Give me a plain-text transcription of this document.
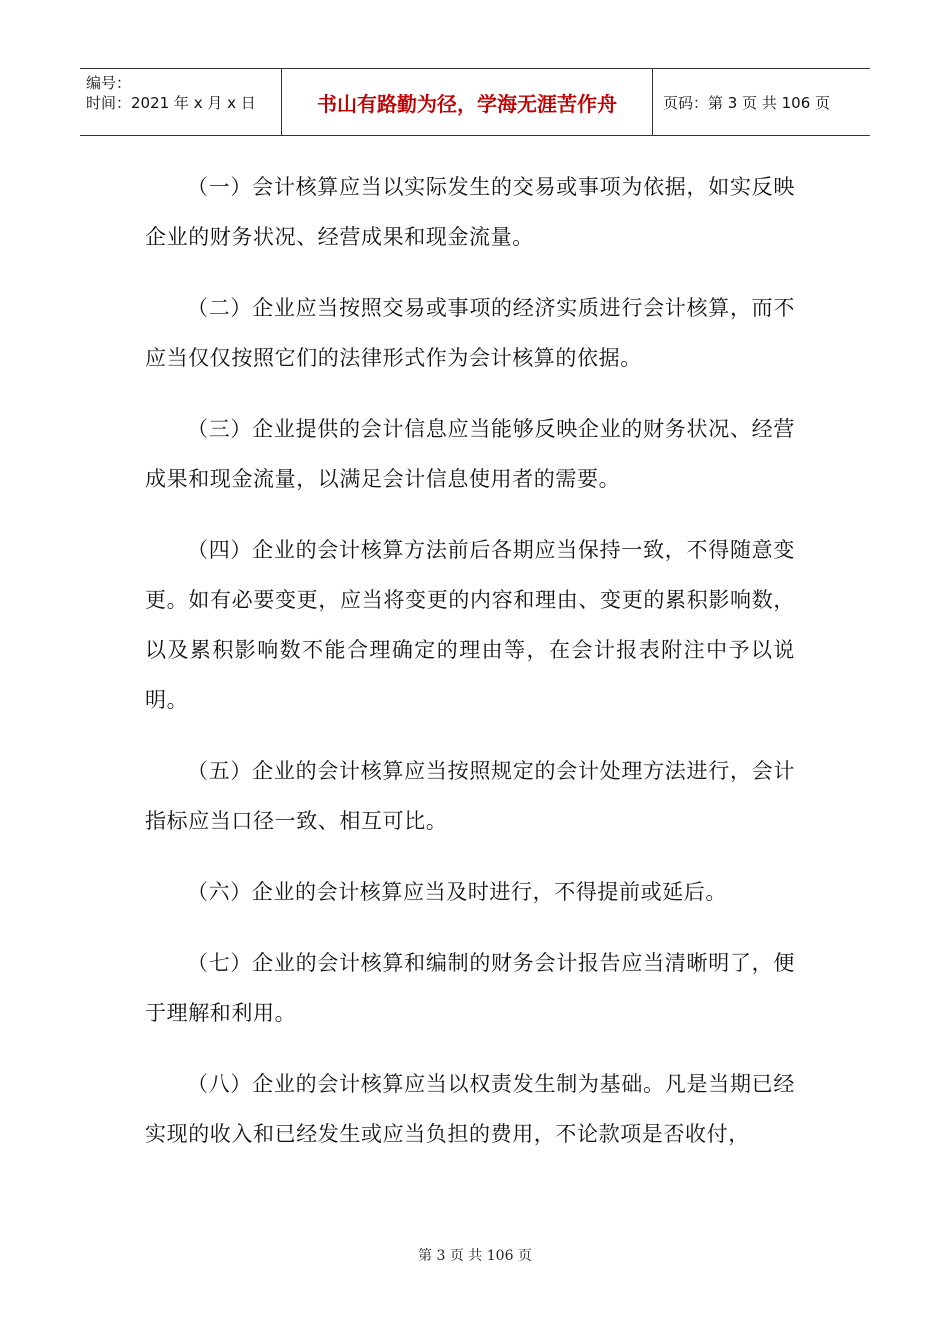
编号：
时间：2021 年 x 月 x 日	书山有路勤为径，学海无涯苦作舟	页码：第 3 页 共 106 页

（一）会计核算应当以实际发生的交易或事项为依据，如实反映企业的财务状况、经营成果和现金流量。

（二）企业应当按照交易或事项的经济实质进行会计核算，而不应当仅仅按照它们的法律形式作为会计核算的依据。

（三）企业提供的会计信息应当能够反映企业的财务状况、经营成果和现金流量，以满足会计信息使用者的需要。

（四）企业的会计核算方法前后各期应当保持一致，不得随意变更。如有必要变更，应当将变更的内容和理由、变更的累积影响数，以及累积影响数不能合理确定的理由等，在会计报表附注中予以说明。

（五）企业的会计核算应当按照规定的会计处理方法进行，会计指标应当口径一致、相互可比。

（六）企业的会计核算应当及时进行，不得提前或延后。

（七）企业的会计核算和编制的财务会计报告应当清晰明了，便于理解和利用。

（八）企业的会计核算应当以权责发生制为基础。凡是当期已经实现的收入和已经发生或应当负担的费用，不论款项是否收付，

第 3 页 共 106 页
